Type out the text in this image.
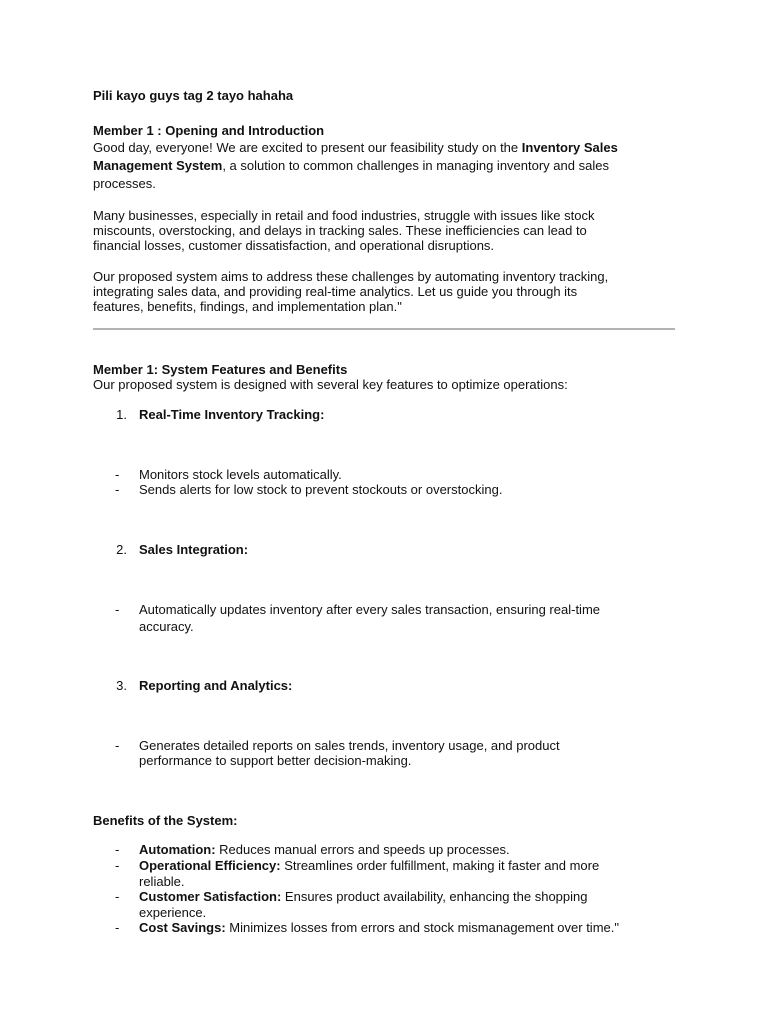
Pili kayo guys tag 2 tayo hahaha
Member 1 : Opening and Introduction
Good day, everyone! We are excited to present our feasibility study on the Inventory Sales
Management System, a solution to common challenges in managing inventory and sales
processes.
Many businesses, especially in retail and food industries, struggle with issues like stock
miscounts, overstocking, and delays in tracking sales. These inefficiencies can lead to
financial losses, customer dissatisfaction, and operational disruptions.
Our proposed system aims to address these challenges by automating inventory tracking,
integrating sales data, and providing real-time analytics. Let us guide you through its
features, benefits, findings, and implementation plan."
Member 1: System Features and Benefits
Our proposed system is designed with several key features to optimize operations:
1. Real-Time Inventory Tracking:
- Monitors stock levels automatically.
- Sends alerts for low stock to prevent stockouts or overstocking.
2. Sales Integration:
- Automatically updates inventory after every sales transaction, ensuring real-time
accuracy.
3. Reporting and Analytics:
- Generates detailed reports on sales trends, inventory usage, and product
performance to support better decision-making.
Benefits of the System:
- Automation: Reduces manual errors and speeds up processes.
- Operational Efficiency: Streamlines order fulfillment, making it faster and more
reliable.
- Customer Satisfaction: Ensures product availability, enhancing the shopping
experience.
- Cost Savings: Minimizes losses from errors and stock mismanagement over time."
